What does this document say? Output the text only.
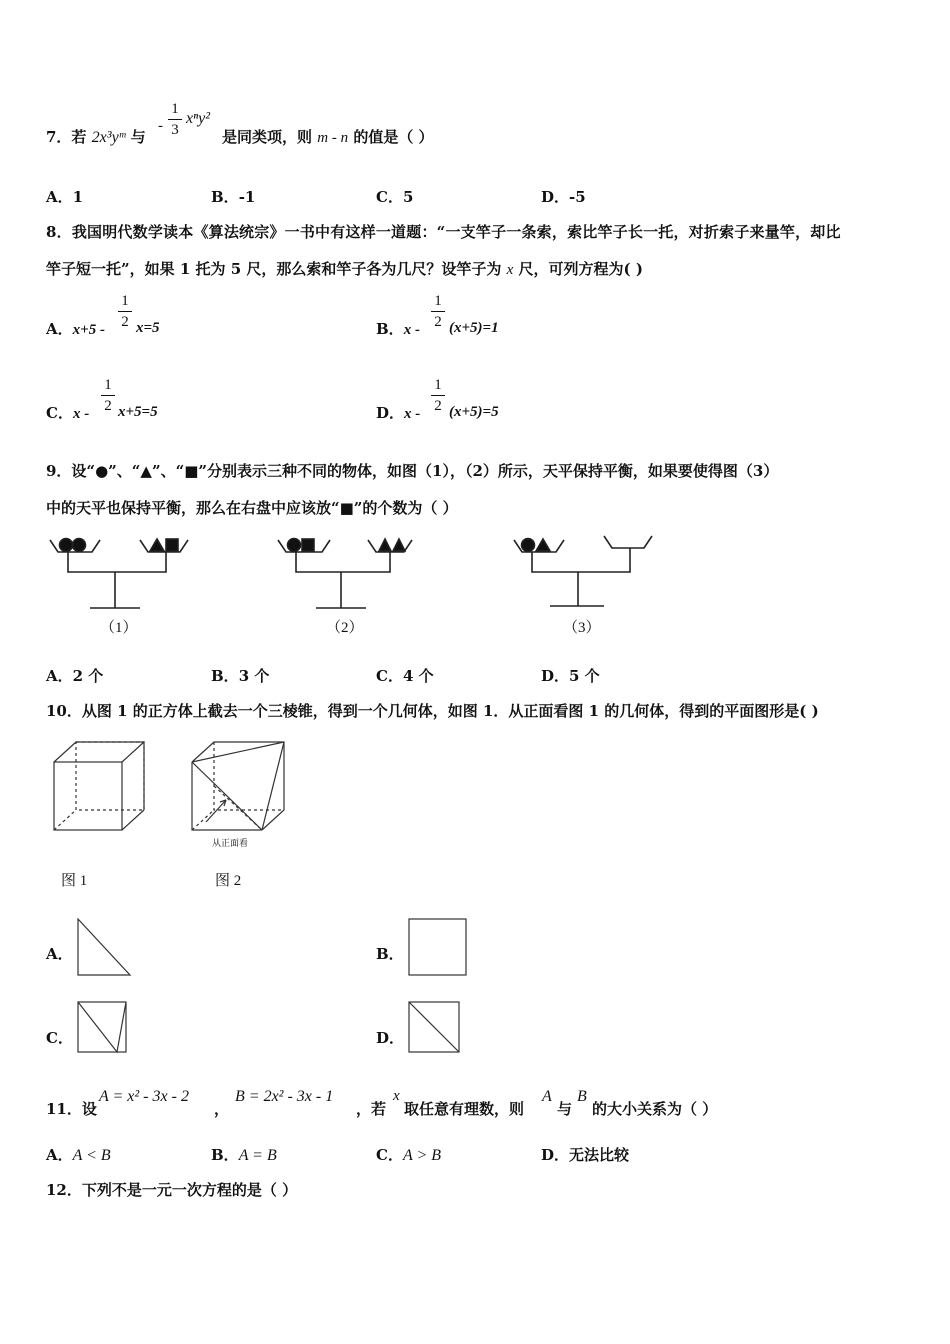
7．若 2x³yᵐ 与
-
1
3
xⁿy²
是同类项，则 m - n 的值是（ ）
A．1	B．-1	C．5	D．-5
8．我国明代数学读本《算法统宗》一书中有这样一道题：“一支竿子一条索，索比竿子长一托，对折索子来量竿，却比
竿子短一托”，如果 1 托为 5 尺，那么索和竿子各为几尺？设竿子为 x 尺，可列方程为( )
A．x+5 -
1
2 x=5	B．x -
1
2 (x+5)=1
C．x -
1
2 x+5=5	D．x -
1
2 (x+5)=5
9．设“●”、“▲”、“■”分别表示三种不同的物体，如图（1），（2）所示，天平保持平衡，如果要使得图（3）
中的天平也保持平衡，那么在右盘中应该放“■”的个数为（ ）
（1）	（2）	（3）
A．2 个	B．3 个	C．4 个	D．5 个
10．从图 1 的正方体上截去一个三棱锥，得到一个几何体，如图 1．从正面看图 1 的几何体，得到的平面图形是( )
从正面看
图 1	图 2
A．	B．
C．	D．
11．设
A = x² - 3x - 2
，
B = 2x² - 3x - 1
，若
x
取任意有理数，则
A
与
B
的大小关系为（ ）
A．A < B	B．A = B	C．A > B	D．无法比较
12．下列不是一元一次方程的是（ ）
